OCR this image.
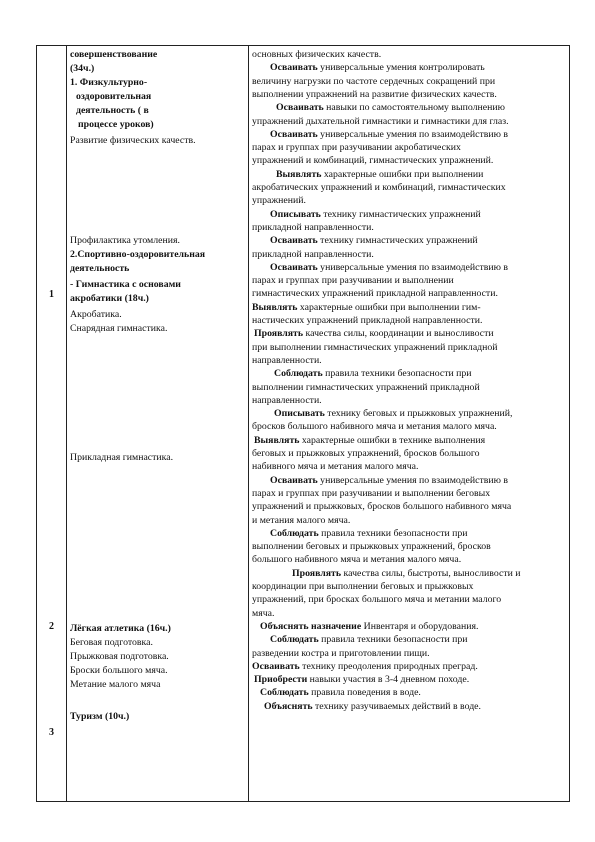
1
2
3
совершенствование
(34ч.)
1. Физкультурно-
оздоровительная
деятельность ( в
процессе уроков)
Развитие физических качеств.
Профилактика утомления.
2.Спортивно-оздоровительная
деятельность
- Гимнастика с основами
акробатики (18ч.)
Акробатика.
Снарядная гимнастика.
Прикладная гимнастика.
Лёгкая атлетика (16ч.)
Беговая подготовка.
Прыжковая подготовка.
Броски большого мяча.
Метание малого мяча
Туризм (10ч.)
основных физических качеств.
Осваивать универсальные умения контролировать
величину нагрузки по частоте сердечных сокращений при
выполнении упражнений на развитие физических качеств.
Осваивать навыки по самостоятельному выполнению
упражнений дыхательной гимнастики и гимнастики для глаз.
Осваивать универсальные умения по взаимодействию в
парах и группах при разучивании акробатических
упражнений и комбинаций, гимнастических упражнений.
Выявлять характерные ошибки при выполнении
акробатических упражнений и комбинаций, гимнастических
упражнений.
Описывать технику гимнастических упражнений
прикладной направленности.
Осваивать технику гимнастических упражнений
прикладной направленности.
Осваивать универсальные умения по взаимодействию в
парах и группах при разучивании и выполнении
гимнастических упражнений прикладной направленности.
Выявлять характерные ошибки при выполнении гим-
настических упражнений прикладной направленности.
Проявлять качества силы, координации и выносливости
при выполнении гимнастических упражнений прикладной
направленности.
Соблюдать правила техники безопасности при
выполнении гимнастических упражнений прикладной
направленности.
Описывать технику беговых и прыжковых упражнений,
бросков большого набивного мяча и метания малого мяча.
Выявлять характерные ошибки в технике выполнения
беговых и прыжковых упражнений, бросков большого
набивного мяча и метания малого мяча.
Осваивать универсальные умения по взаимодействию в
парах и группах при разучивании и выполнении беговых
упражнений и прыжковых, бросков большого набивного мяча
и метания малого мяча.
Соблюдать правила техники безопасности при
выполнении беговых и прыжковых упражнений, бросков
большого набивного мяча и метания малого мяча.
Проявлять качества силы, быстроты, выносливости и
координации при выполнении беговых и прыжковых
упражнений, при бросках большого мяча и метании малого
мяча.
Объяснять назначение Инвентаря и оборудования.
Соблюдать правила техники безопасности при
разведении костра и приготовлении пищи.
Осваивать технику преодоления природных преград.
Приобрести навыки участия в 3-4 дневном походе.
Соблюдать правила поведения в воде.
Объяснять технику разучиваемых действий в воде.
